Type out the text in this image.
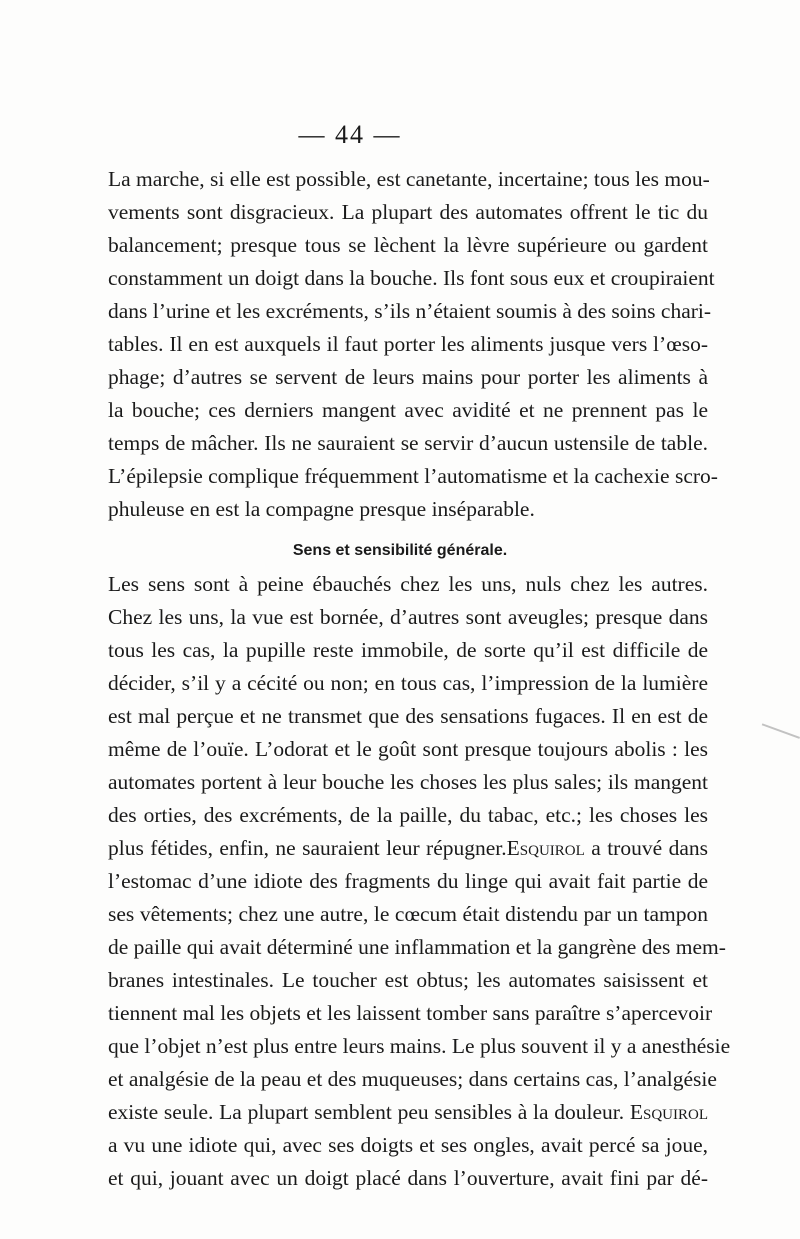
— 44 —
La marche, si elle est possible, est canetante, incertaine; tous les mou-
vements sont disgracieux. La plupart des automates offrent le tic du
balancement; presque tous se lèchent la lèvre supérieure ou gardent
constamment un doigt dans la bouche. Ils font sous eux et croupiraient
dans l’urine et les excréments, s’ils n’étaient soumis à des soins chari-
tables. Il en est auxquels il faut porter les aliments jusque vers l’œso-
phage; d’autres se servent de leurs mains pour porter les aliments à
la bouche; ces derniers mangent avec avidité et ne prennent pas le
temps de mâcher. Ils ne sauraient se servir d’aucun ustensile de table.
L’épilepsie complique fréquemment l’automatisme et la cachexie scro-
phuleuse en est la compagne presque inséparable.
Sens et sensibilité générale.
Les sens sont à peine ébauchés chez les uns, nuls chez les autres.
Chez les uns, la vue est bornée, d’autres sont aveugles; presque dans
tous les cas, la pupille reste immobile, de sorte qu’il est difficile de
décider, s’il y a cécité ou non; en tous cas, l’impression de la lumière
est mal perçue et ne transmet que des sensations fugaces. Il en est de
même de l’ouïe. L’odorat et le goût sont presque toujours abolis : les
automates portent à leur bouche les choses les plus sales; ils mangent
des orties, des excréments, de la paille, du tabac, etc.; les choses les
plus fétides, enfin, ne sauraient leur répugner.Esquirol a trouvé dans
l’estomac d’une idiote des fragments du linge qui avait fait partie de
ses vêtements; chez une autre, le cœcum était distendu par un tampon
de paille qui avait déterminé une inflammation et la gangrène des mem-
branes intestinales. Le toucher est obtus; les automates saisissent et
tiennent mal les objets et les laissent tomber sans paraître s’apercevoir
que l’objet n’est plus entre leurs mains. Le plus souvent il y a anesthésie
et analgésie de la peau et des muqueuses; dans certains cas, l’analgésie
existe seule. La plupart semblent peu sensibles à la douleur. Esquirol
a vu une idiote qui, avec ses doigts et ses ongles, avait percé sa joue,
et qui, jouant avec un doigt placé dans l’ouverture, avait fini par dé-
